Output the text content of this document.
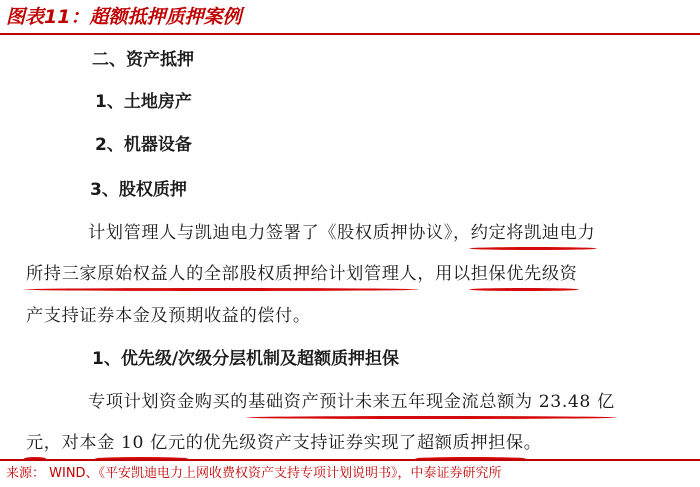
图表11：超额抵押质押案例
二、资产抵押
1、土地房产
2、机器设备
3、股权质押
计划管理人与凯迪电力签署了《股权质押协议》，约定将凯迪电力
所持三家原始权益人的全部股权质押给计划管理人，用以担保优先级资
产支持证券本金及预期收益的偿付。
1、优先级/次级分层机制及超额质押担保
专项计划资金购买的基础资产预计未来五年现金流总额为 23.48 亿
元，对本金 10 亿元的优先级资产支持证券实现了超额质押担保。
来源： WIND、《平安凯迪电力上网收费权资产支持专项计划说明书》，中泰证券研究所
